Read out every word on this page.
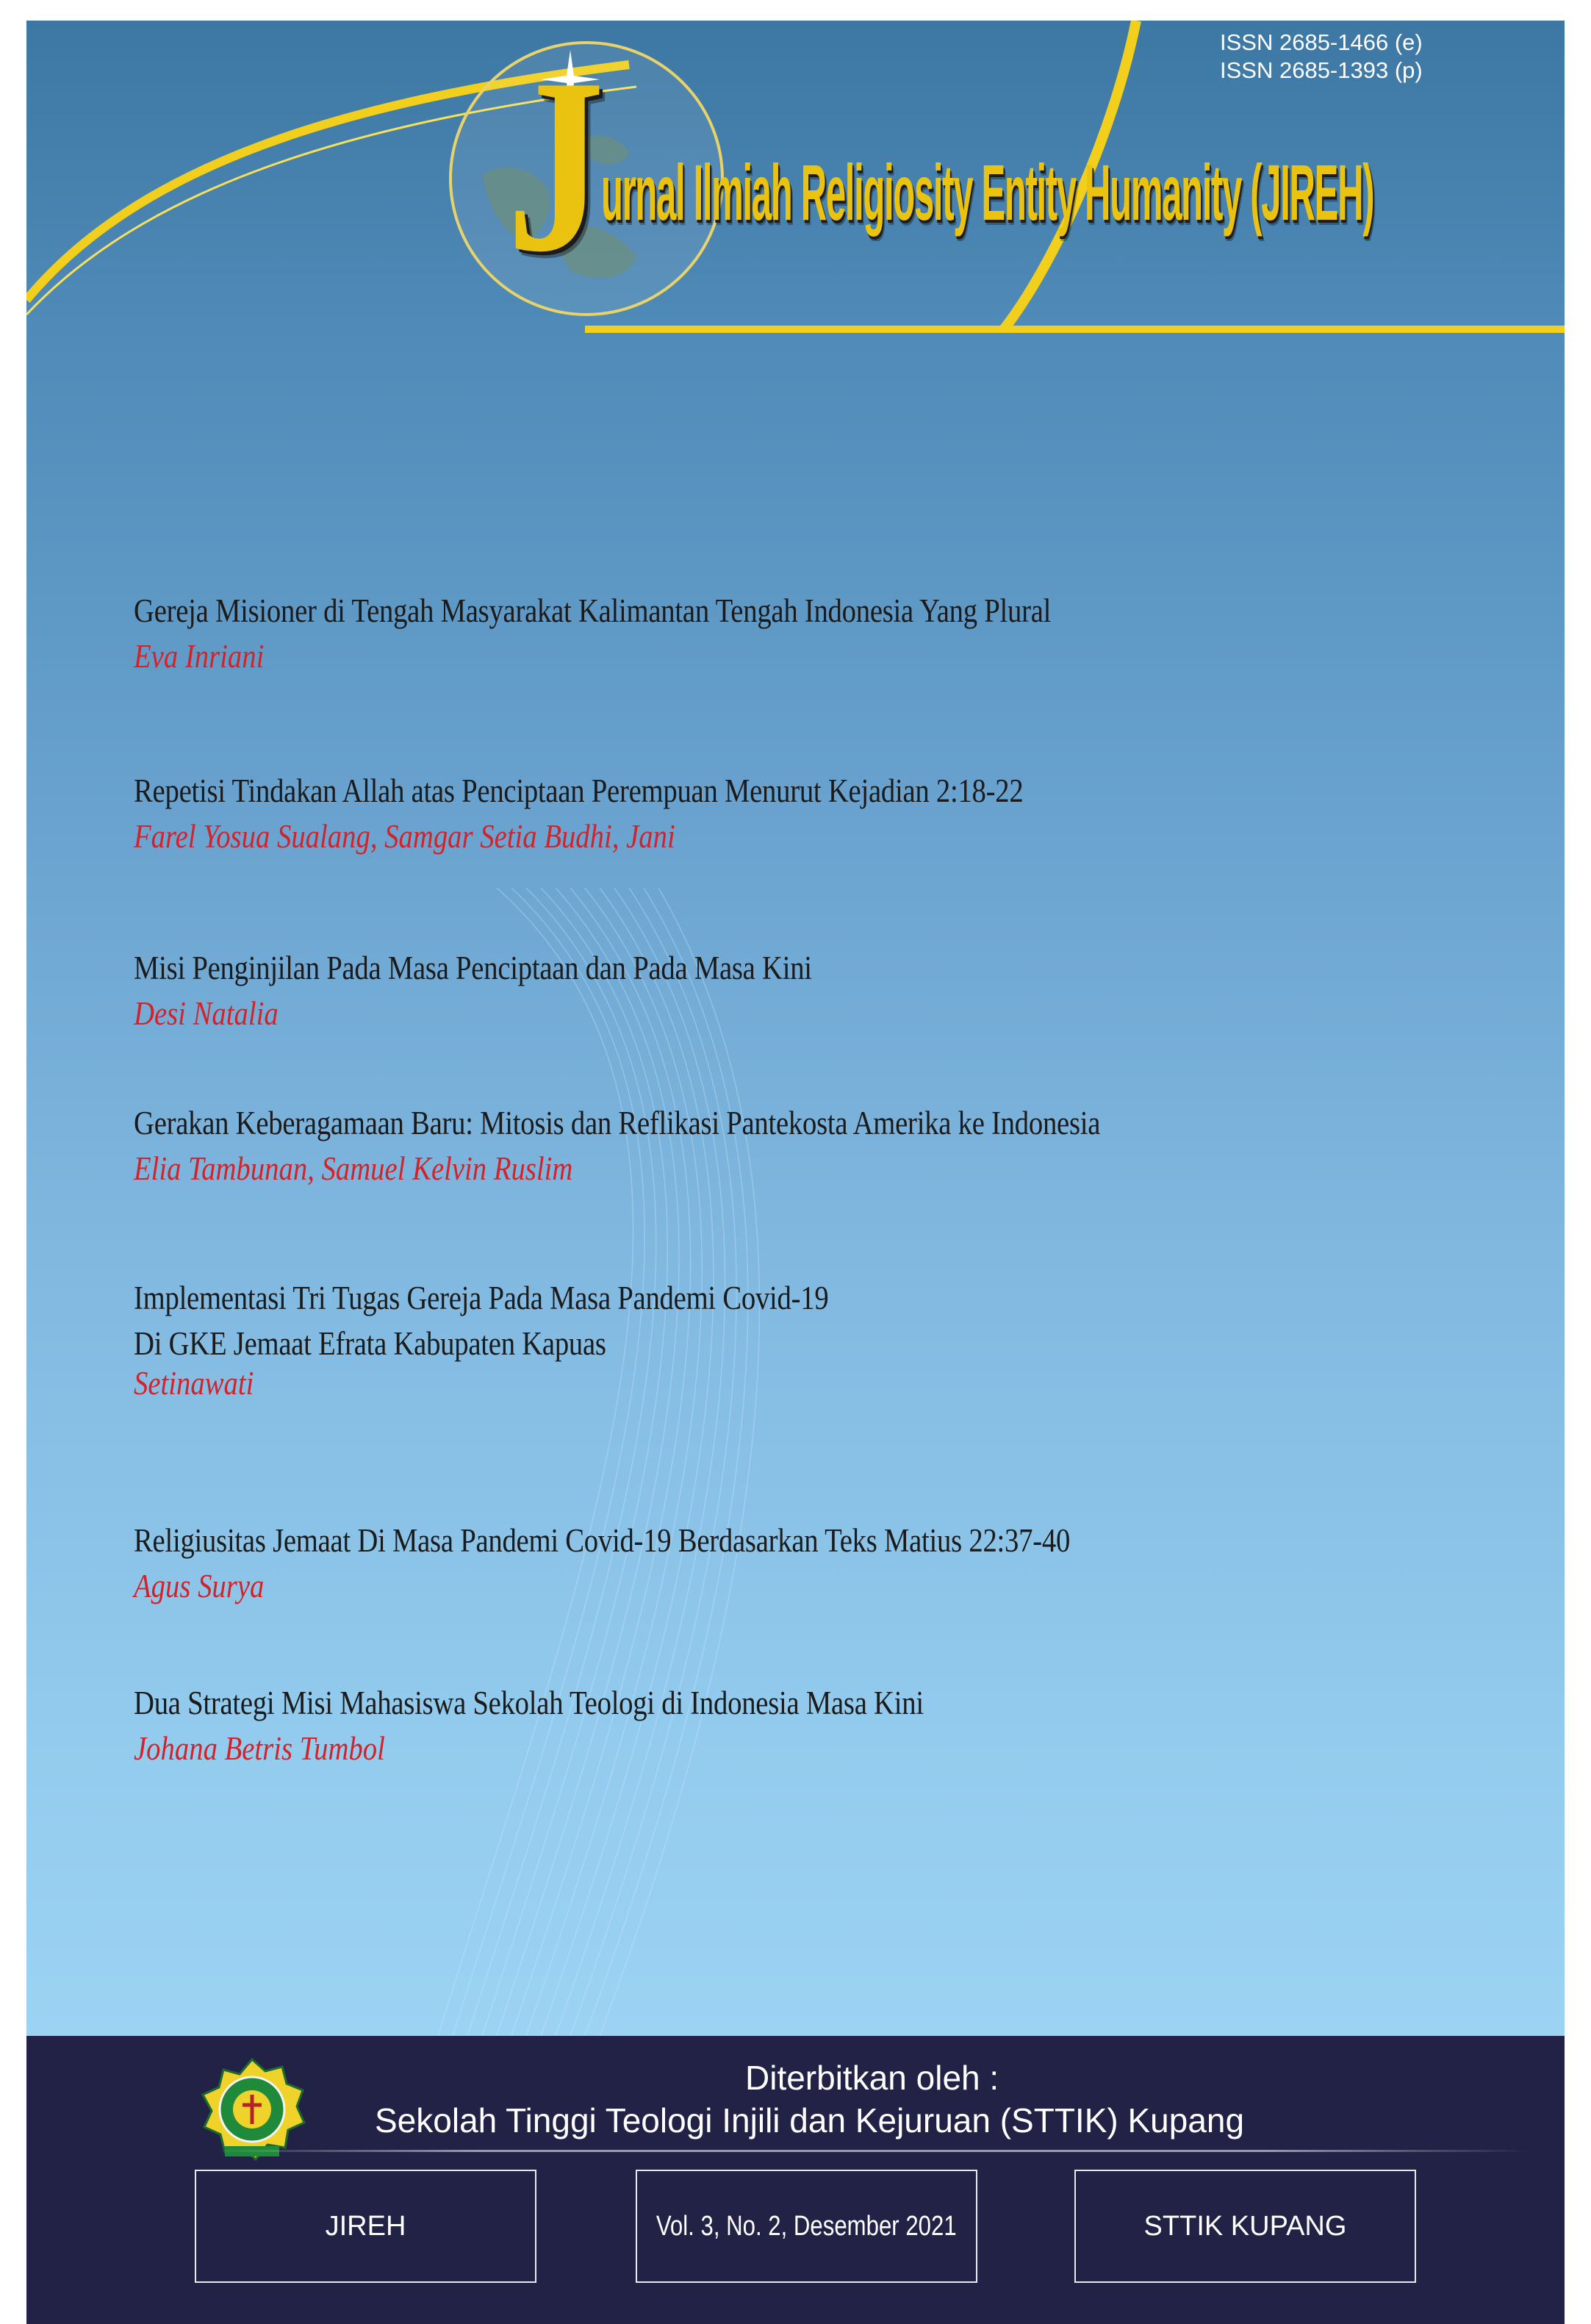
ISSN 2685-1466 (e)
ISSN 2685-1393 (p)
J
urnal Ilmiah Religiosity Entity Humanity (JIREH)
Gereja Misioner di Tengah Masyarakat Kalimantan Tengah Indonesia Yang Plural
Eva Inriani
Repetisi Tindakan Allah atas Penciptaan Perempuan Menurut Kejadian 2:18-22
Farel Yosua Sualang, Samgar Setia Budhi, Jani
Misi Penginjilan Pada Masa Penciptaan dan Pada Masa Kini
Desi Natalia
Gerakan Keberagamaan Baru: Mitosis dan Reflikasi Pantekosta Amerika ke Indonesia
Elia Tambunan, Samuel Kelvin Ruslim
Implementasi Tri Tugas Gereja Pada Masa Pandemi Covid-19
Di GKE Jemaat Efrata Kabupaten Kapuas
Setinawati
Religiusitas Jemaat Di Masa Pandemi Covid-19 Berdasarkan Teks Matius 22:37-40
Agus Surya
Dua Strategi Misi Mahasiswa Sekolah Teologi di Indonesia Masa Kini
Johana Betris Tumbol
Diterbitkan oleh :
Sekolah Tinggi Teologi Injili dan Kejuruan (STTIK) Kupang
JIREH	Vol. 3, No. 2, Desember 2021	STTIK KUPANG
